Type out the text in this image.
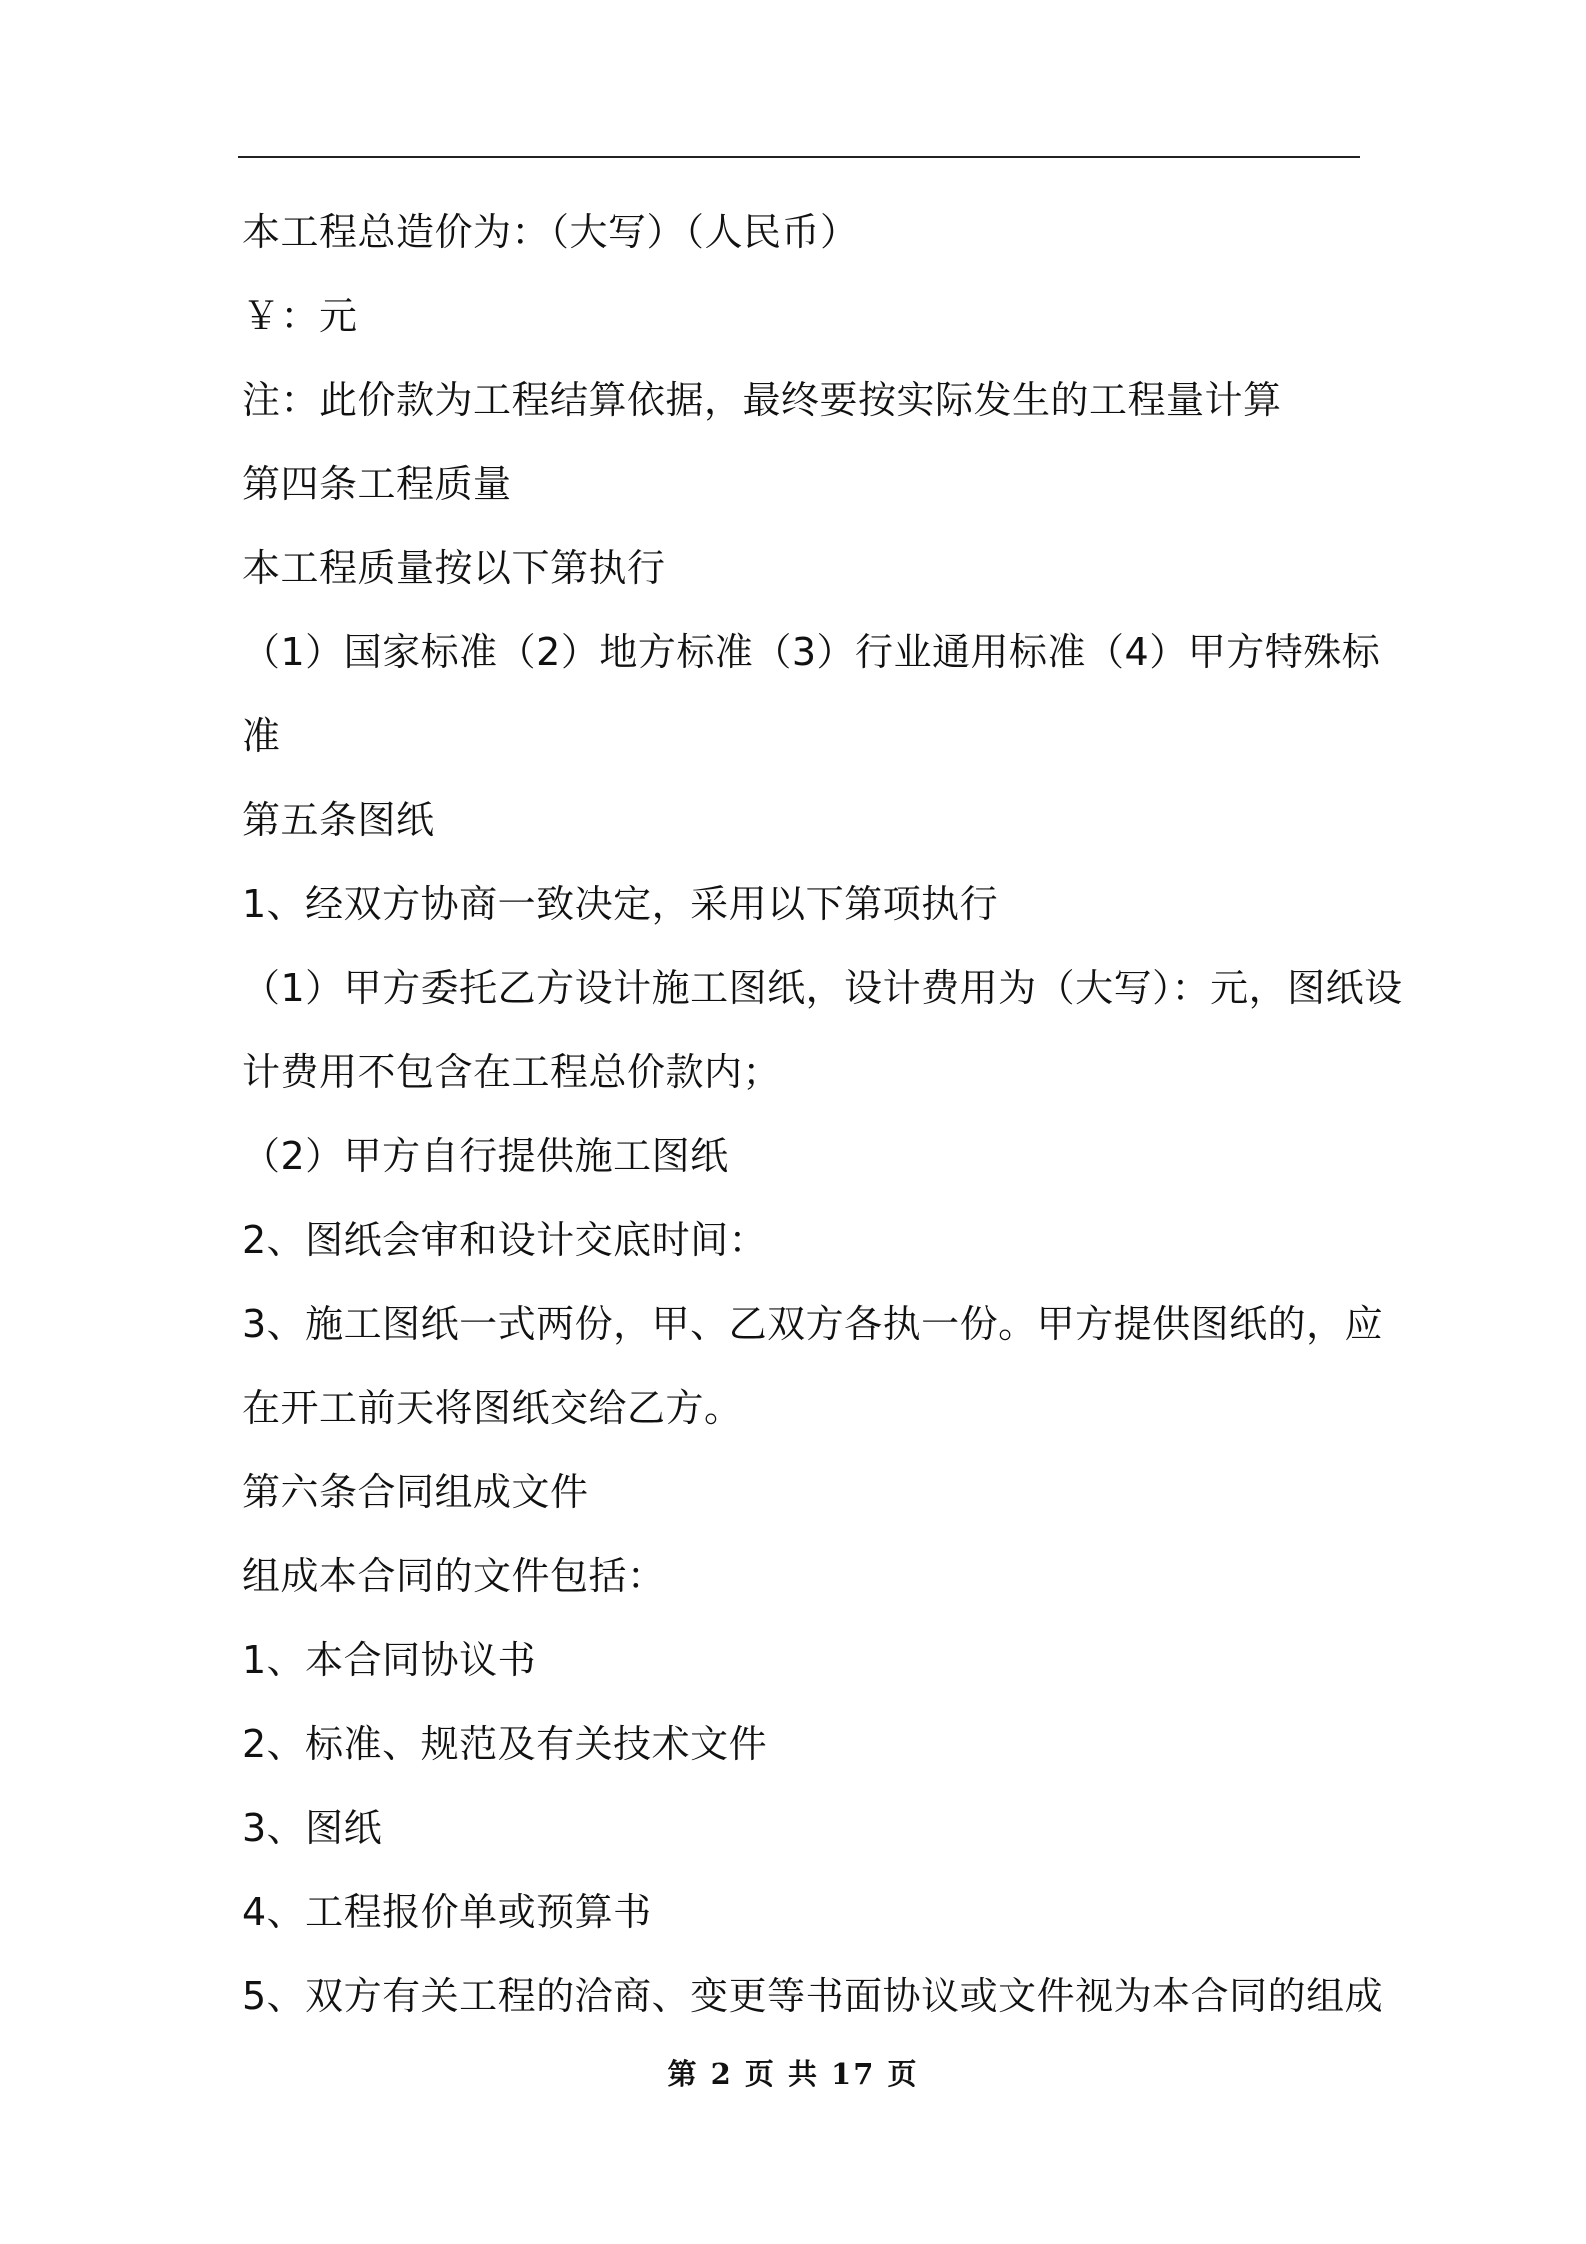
本工程总造价为：（大写）（人民币）

￥：元

注：此价款为工程结算依据，最终要按实际发生的工程量计算

第四条工程质量

本工程质量按以下第执行

（1）国家标准（2）地方标准（3）行业通用标准（4）甲方特殊标

准

第五条图纸

1、经双方协商一致决定，采用以下第项执行

（1）甲方委托乙方设计施工图纸，设计费用为（大写）：元，图纸设

计费用不包含在工程总价款内；

（2）甲方自行提供施工图纸

2、图纸会审和设计交底时间：

3、施工图纸一式两份，甲、乙双方各执一份。甲方提供图纸的，应

在开工前天将图纸交给乙方。

第六条合同组成文件

组成本合同的文件包括：

1、本合同协议书

2、标准、规范及有关技术文件

3、图纸

4、工程报价单或预算书

5、双方有关工程的洽商、变更等书面协议或文件视为本合同的组成

第 2 页 共 17 页
